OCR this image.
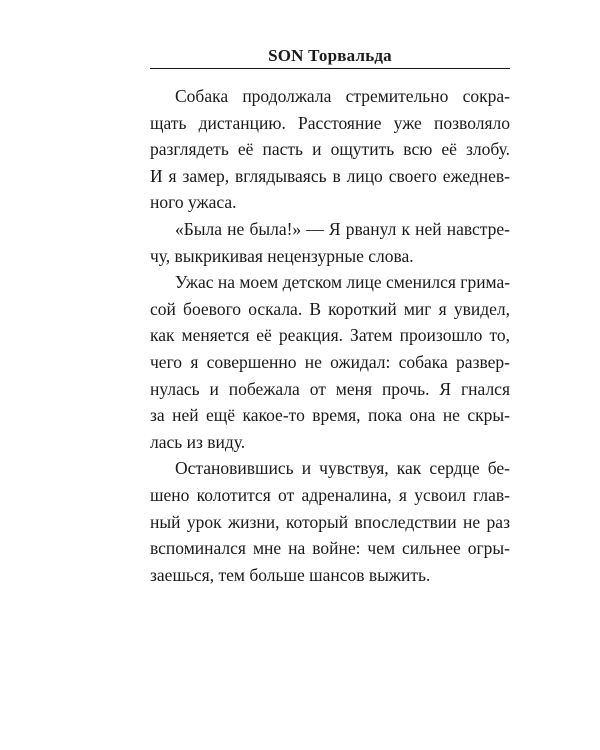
SON Торвальда
Собака продолжала стремительно сокра-
щать дистанцию. Расстояние уже позволяло
разглядеть её пасть и ощутить всю её злобу.
И я замер, вглядываясь в лицо своего ежеднев-
ного ужаса.
«Была не была!» — Я рванул к ней навстре-
чу, выкрикивая нецензурные слова.
Ужас на моем детском лице сменился грима-
сой боевого оскала. В короткий миг я увидел,
как меняется её реакция. Затем произошло то,
чего я совершенно не ожидал: собака развер-
нулась и побежала от меня прочь. Я гнался
за ней ещё какое-то время, пока она не скры-
лась из виду.
Остановившись и чувствуя, как сердце бе-
шено колотится от адреналина, я усвоил глав-
ный урок жизни, который впоследствии не раз
вспоминался мне на войне: чем сильнее огры-
заешься, тем больше шансов выжить.
